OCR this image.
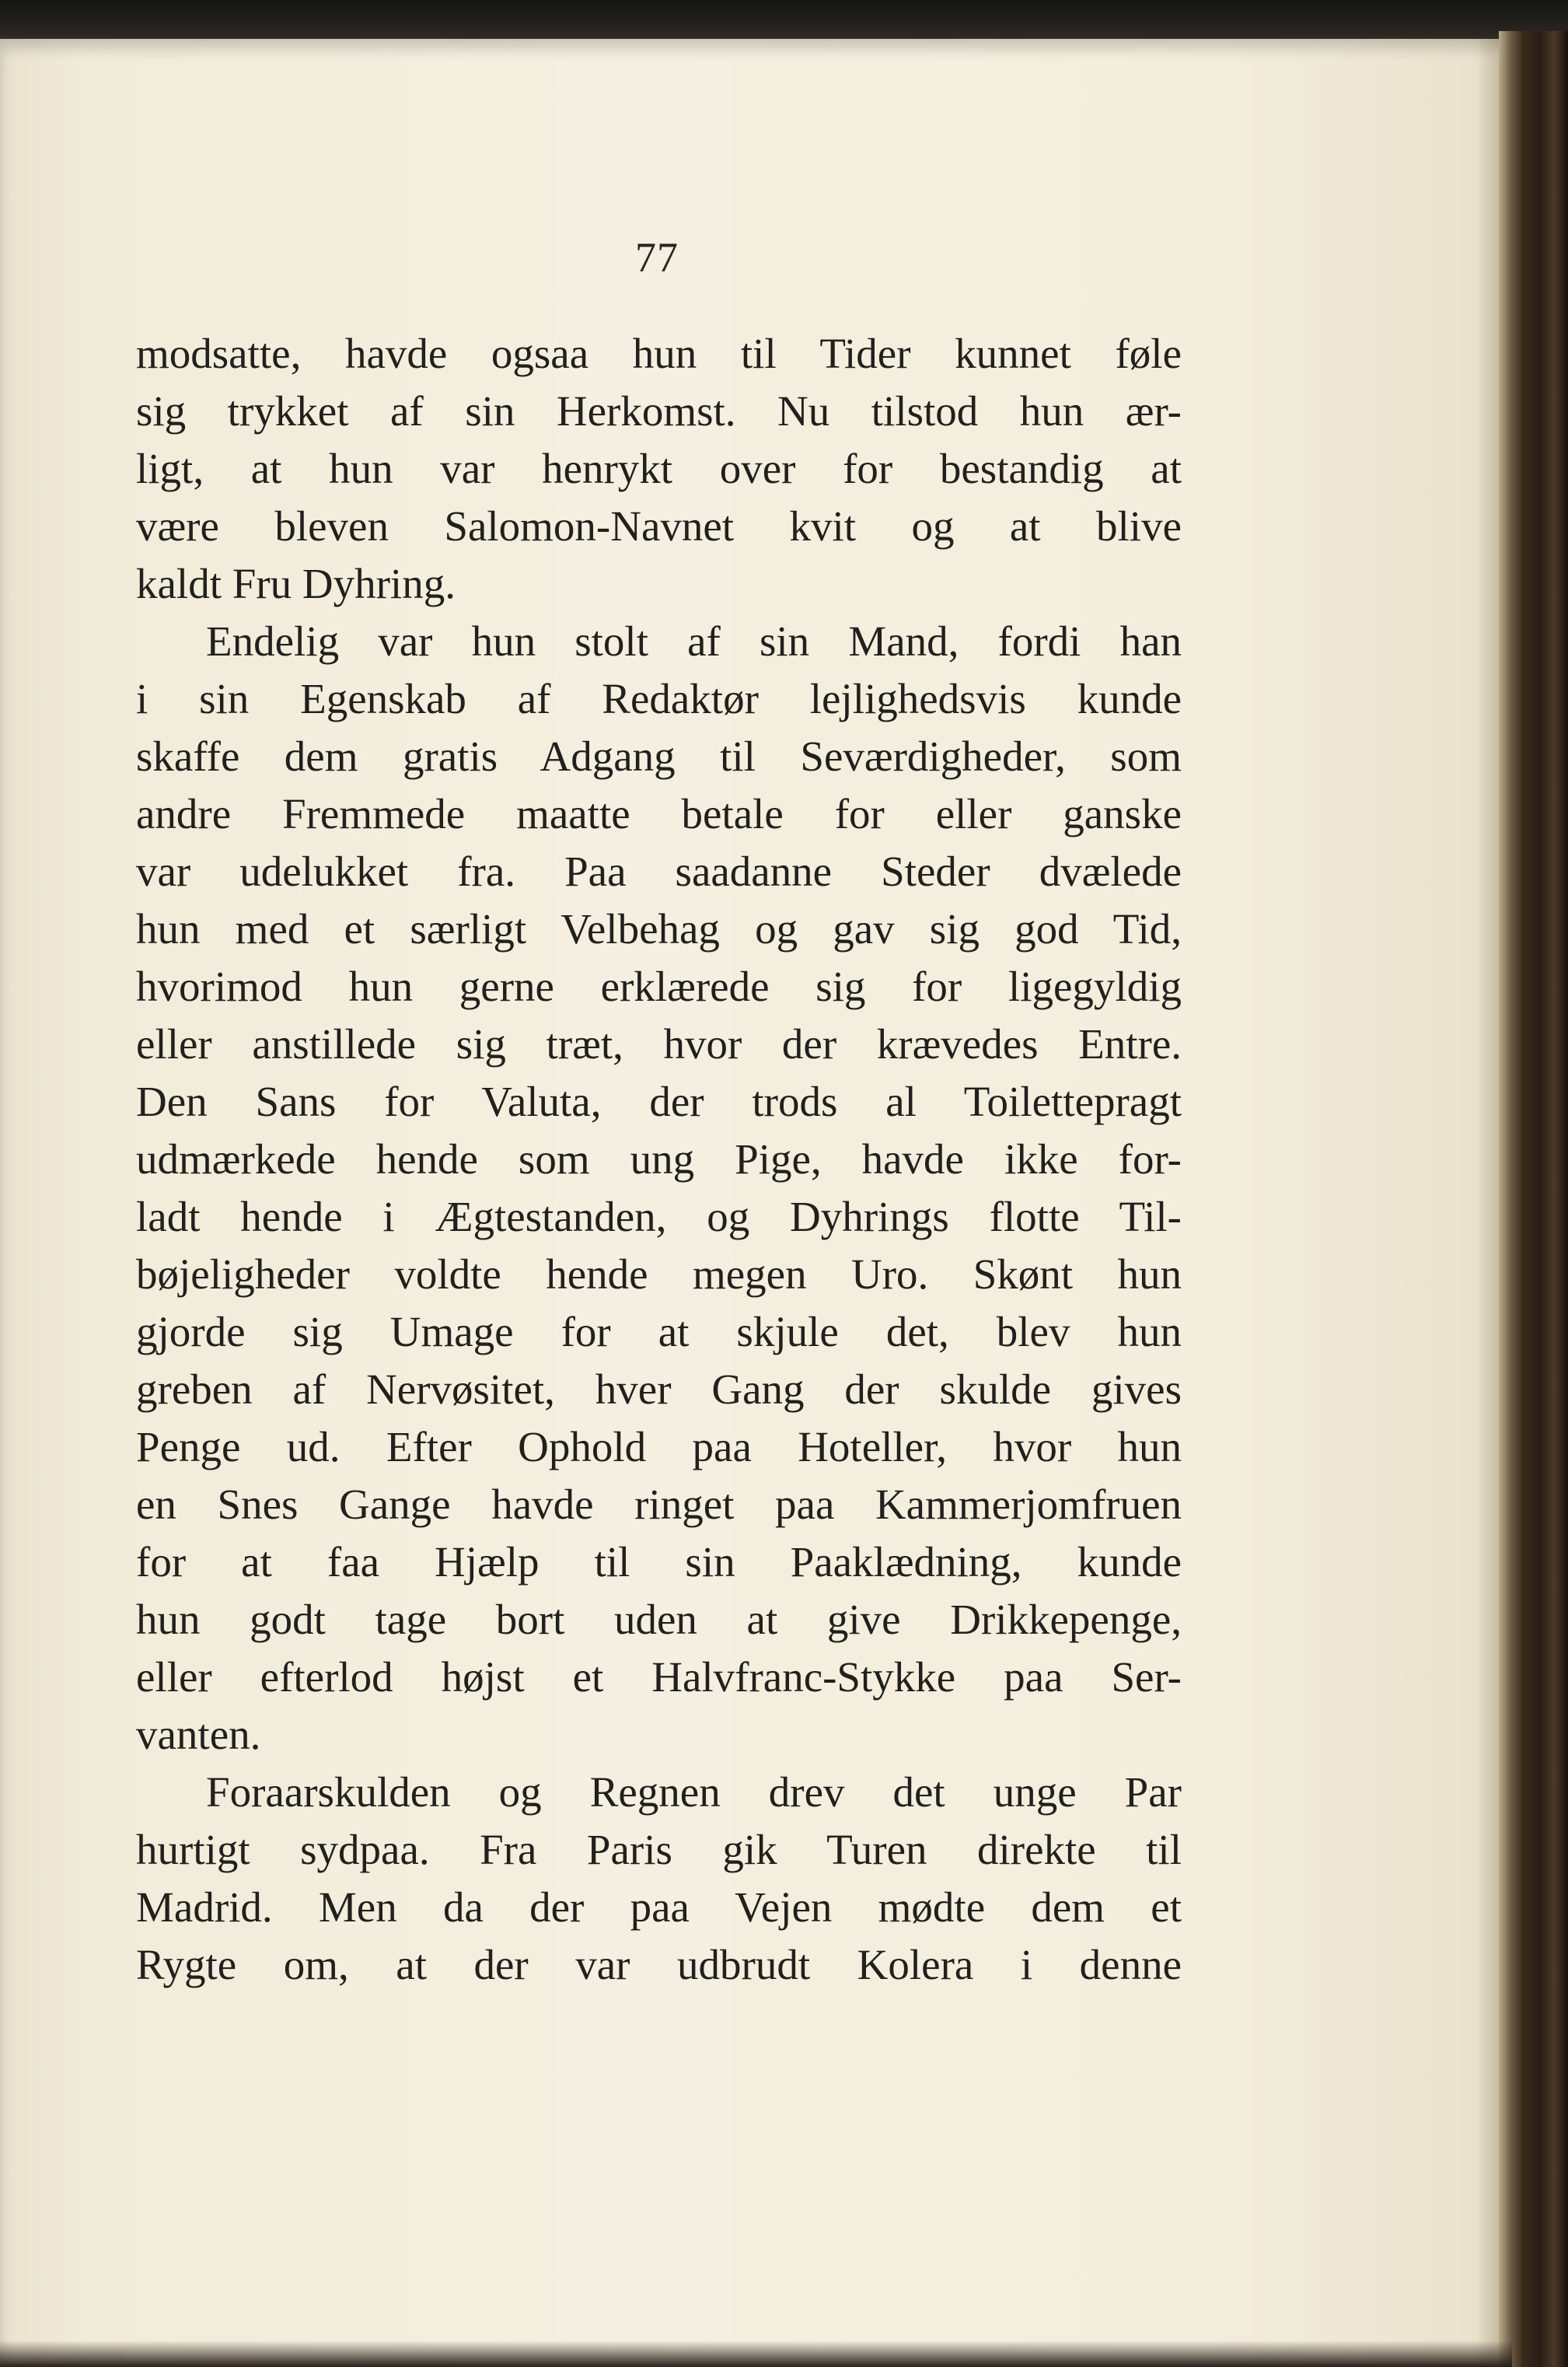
77
modsatte, havde ogsaa hun til Tider kunnet føle
sig trykket af sin Herkomst. Nu tilstod hun ær-
ligt, at hun var henrykt over for bestandig at
være bleven Salomon-Navnet kvit og at blive
kaldt Fru Dyhring.
Endelig var hun stolt af sin Mand, fordi han
i sin Egenskab af Redaktør lejlighedsvis kunde
skaffe dem gratis Adgang til Seværdigheder, som
andre Fremmede maatte betale for eller ganske
var udelukket fra. Paa saadanne Steder dvælede
hun med et særligt Velbehag og gav sig god Tid,
hvorimod hun gerne erklærede sig for ligegyldig
eller anstillede sig træt, hvor der krævedes Entre.
Den Sans for Valuta, der trods al Toilettepragt
udmærkede hende som ung Pige, havde ikke for-
ladt hende i Ægtestanden, og Dyhrings flotte Til-
bøjeligheder voldte hende megen Uro. Skønt hun
gjorde sig Umage for at skjule det, blev hun
greben af Nervøsitet, hver Gang der skulde gives
Penge ud. Efter Ophold paa Hoteller, hvor hun
en Snes Gange havde ringet paa Kammerjomfruen
for at faa Hjælp til sin Paaklædning, kunde
hun godt tage bort uden at give Drikkepenge,
eller efterlod højst et Halvfranc-Stykke paa Ser-
vanten.
Foraarskulden og Regnen drev det unge Par
hurtigt sydpaa. Fra Paris gik Turen direkte til
Madrid. Men da der paa Vejen mødte dem et
Rygte om, at der var udbrudt Kolera i denne
